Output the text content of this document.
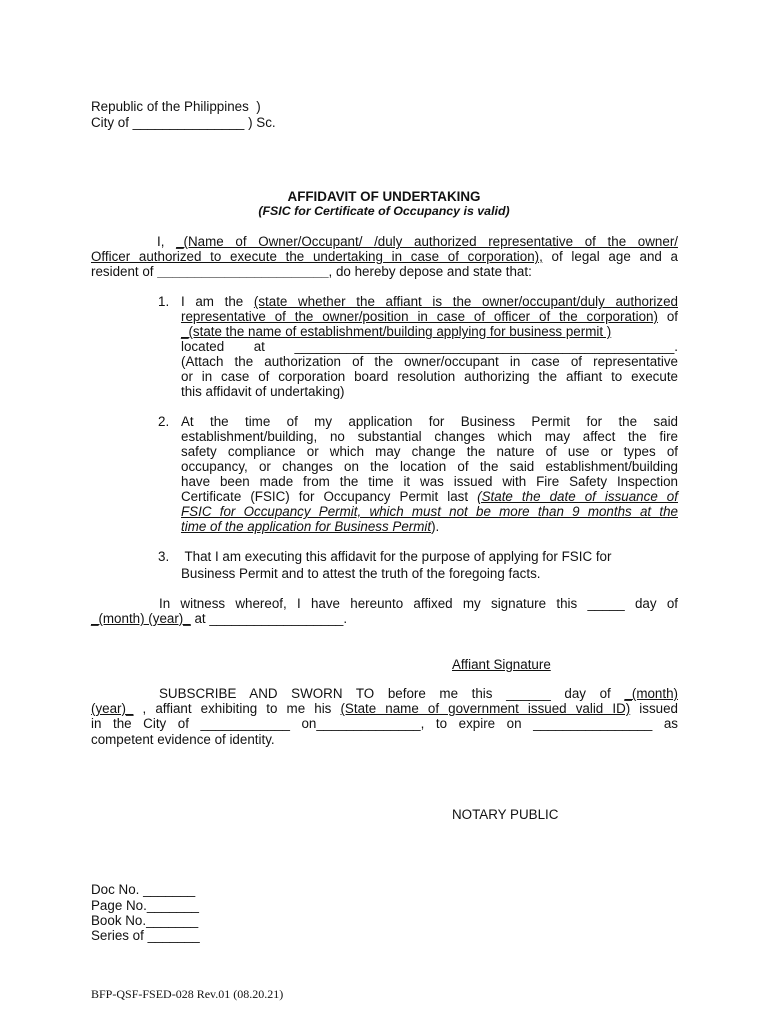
Republic of the Philippines  )
City of _______________ ) Sc.
AFFIDAVIT OF UNDERTAKING
(FSIC for Certificate of Occupancy is valid)
I, _(Name of Owner/Occupant/ /duly authorized representative of the owner/
Officer authorized to execute the undertaking in case of corporation), of legal age and a
resident of _______________________, do hereby depose and state that:
1. I am the (state whether the affiant is the owner/occupant/duly authorized
representative of the owner/position in case of officer of the corporation) of
_(state the name of establishment/building applying for business permit )
located at ___________________________________________________.
(Attach the authorization of the owner/occupant in case of representative
or in case of corporation board resolution authorizing the affiant to execute
this affidavit of undertaking)
2. At the time of my application for Business Permit for the said
establishment/building, no substantial changes which may affect the fire
safety compliance or which may change the nature of use or types of
occupancy, or changes on the location of the said establishment/building
have been made from the time it was issued with Fire Safety Inspection
Certificate (FSIC) for Occupancy Permit last (State the date of issuance of
FSIC for Occupancy Permit, which must not be more than 9 months at the
time of the application for Business Permit).
3. That I am executing this affidavit for the purpose of applying for FSIC for
Business Permit and to attest the truth of the foregoing facts.
In witness whereof, I have hereunto affixed my signature this _____ day of
_(month) (year)_ at __________________.
Affiant Signature
SUBSCRIBE AND SWORN TO before me this ______ day of _(month)
(year)_ , affiant exhibiting to me his (State name of government issued valid ID) issued
in the City of ____________ on______________, to expire on ________________ as
competent evidence of identity.
NOTARY PUBLIC
Doc No. _______
Page No._______
Book No._______
Series of _______
BFP-QSF-FSED-028 Rev.01 (08.20.21)
